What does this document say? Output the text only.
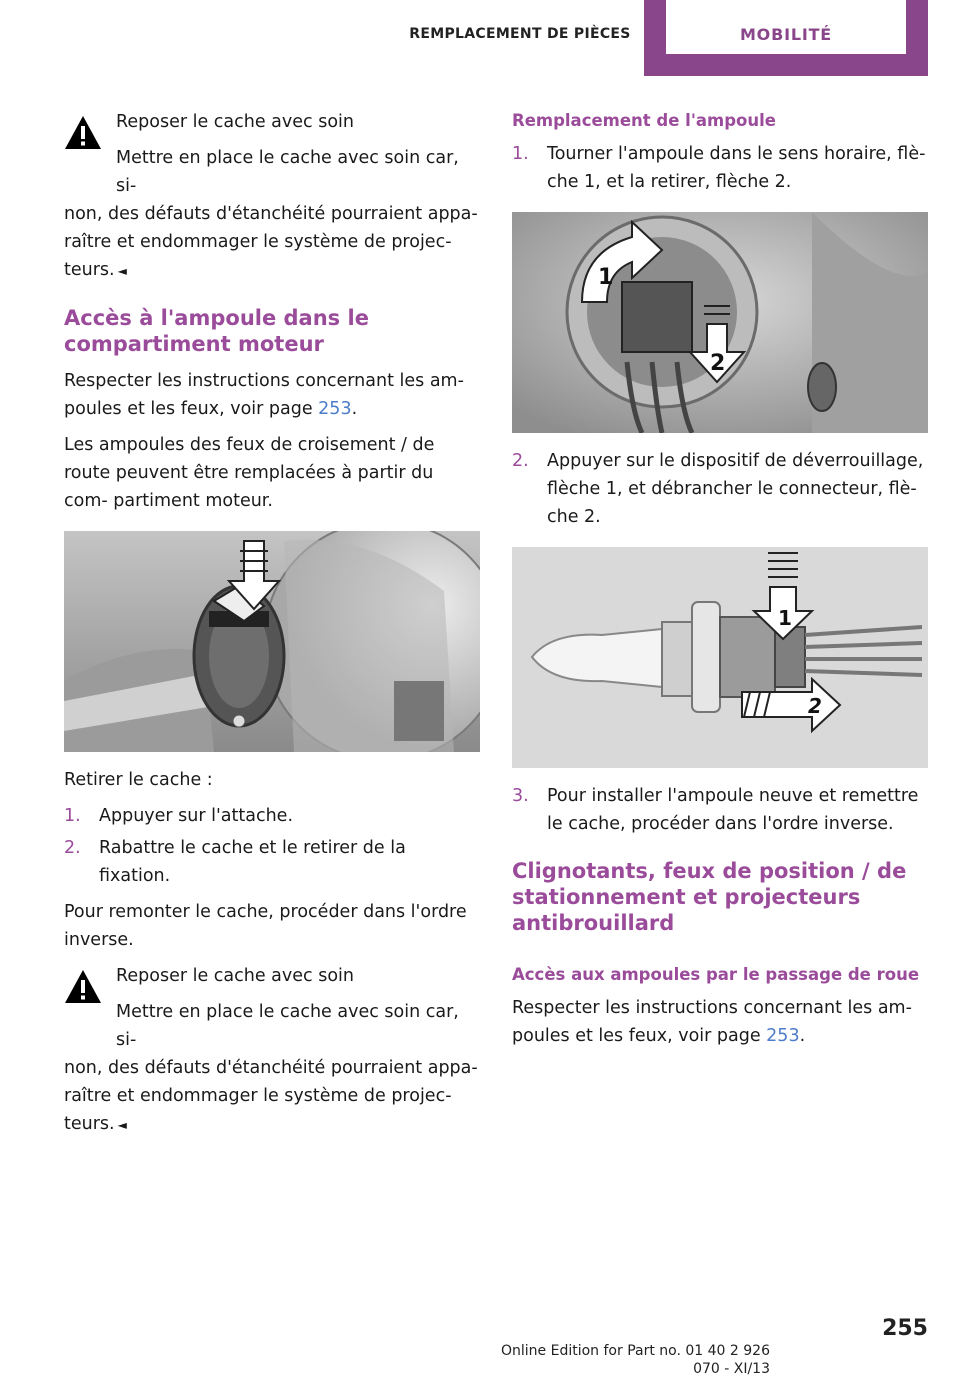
REMPLACEMENT DE PIÈCES	MOBILITÉ

Reposer le cache avec soin

Mettre en place le cache avec soin car, si-
non, des défauts d'étanchéité pourraient appa- raître et endommager le système de projec- teurs. ◄

Accès à l'ampoule dans le compartiment moteur

Respecter les instructions concernant les am- poules et les feux, voir page 253.

Les ampoules des feux de croisement / de route peuvent être remplacées à partir du com- partiment moteur.

Retirer le cache :

1. Appuyer sur l'attache.
2. Rabattre le cache et le retirer de la fixation.

Pour remonter le cache, procéder dans l'ordre inverse.

Reposer le cache avec soin

Mettre en place le cache avec soin car, si-
non, des défauts d'étanchéité pourraient appa- raître et endommager le système de projec- teurs. ◄

Remplacement de l'ampoule
1. Tourner l'ampoule dans le sens horaire, flè- che 1, et la retirer, flèche 2.
1
2
2. Appuyer sur le dispositif de déverrouillage, flèche 1, et débrancher le connecteur, flè- che 2.
1
2
3. Pour installer l'ampoule neuve et remettre le cache, procéder dans l'ordre inverse.
Clignotants, feux de position / de stationnement et projecteurs antibrouillard
Accès aux ampoules par le passage de roue

Respecter les instructions concernant les am- poules et les feux, voir page 253.

Online Edition for Part no. 01 40 2 926 070 - XI/13
255
